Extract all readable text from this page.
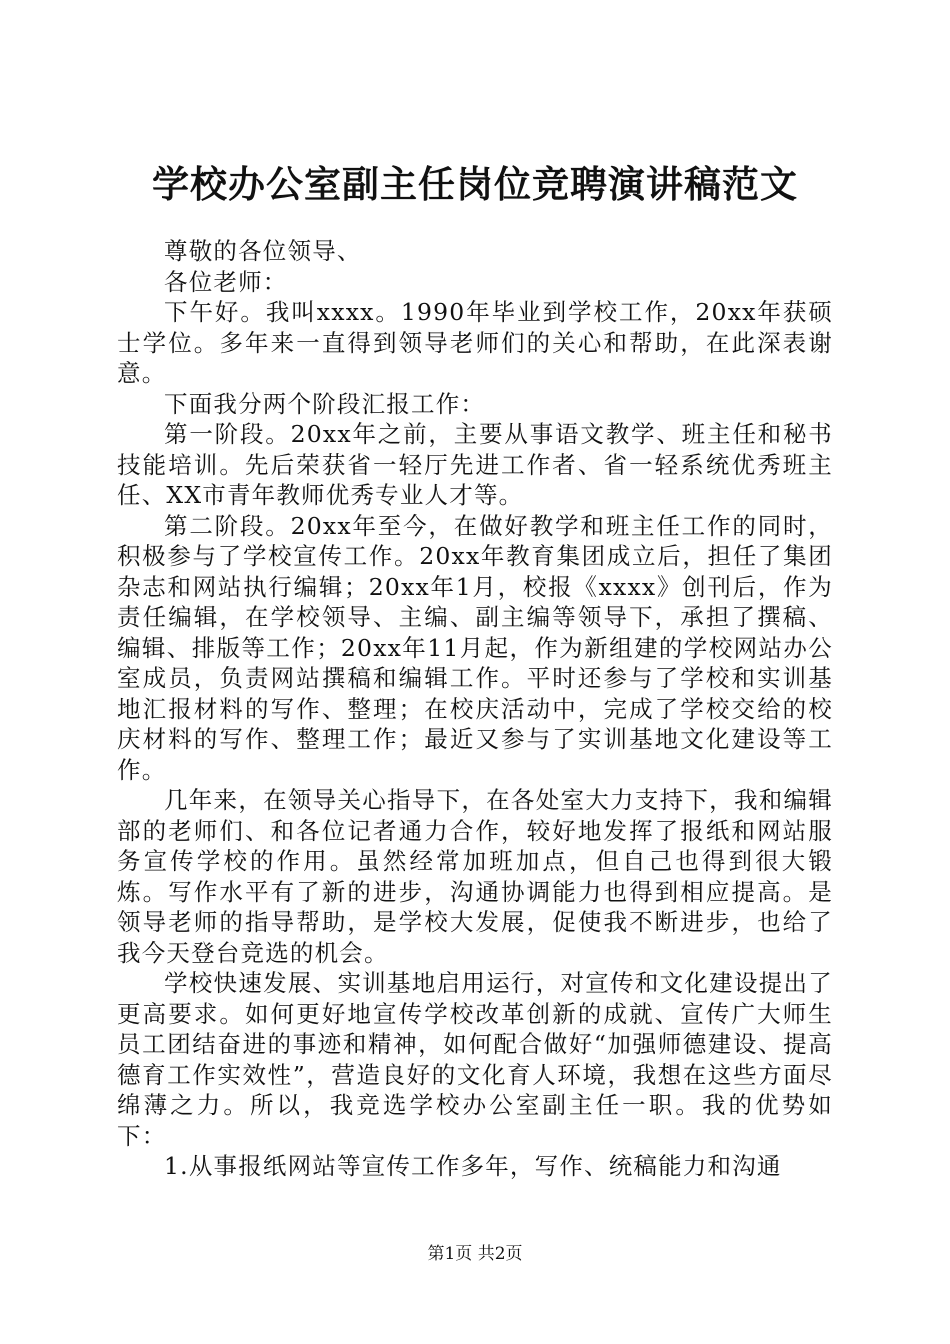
学校办公室副主任岗位竞聘演讲稿范文

尊敬的各位领导、

各位老师：

下午好。我叫xxxx。1990年毕业到学校工作，20xx年获硕士学位。多年来一直得到领导老师们的关心和帮助，在此深表谢意。

下面我分两个阶段汇报工作：

第一阶段。20xx年之前，主要从事语文教学、班主任和秘书技能培训。先后荣获省一轻厅先进工作者、省一轻系统优秀班主任、XX市青年教师优秀专业人才等。

第二阶段。20xx年至今，在做好教学和班主任工作的同时，积极参与了学校宣传工作。20xx年教育集团成立后，担任了集团杂志和网站执行编辑；20xx年1月，校报《xxxx》创刊后，作为责任编辑，在学校领导、主编、副主编等领导下，承担了撰稿、编辑、排版等工作；20xx年11月起，作为新组建的学校网站办公室成员，负责网站撰稿和编辑工作。平时还参与了学校和实训基地汇报材料的写作、整理；在校庆活动中，完成了学校交给的校庆材料的写作、整理工作；最近又参与了实训基地文化建设等工作。

几年来，在领导关心指导下，在各处室大力支持下，我和编辑部的老师们、和各位记者通力合作，较好地发挥了报纸和网站服务宣传学校的作用。虽然经常加班加点，但自己也得到很大锻炼。写作水平有了新的进步，沟通协调能力也得到相应提高。是领导老师的指导帮助，是学校大发展，促使我不断进步，也给了我今天登台竞选的机会。

学校快速发展、实训基地启用运行，对宣传和文化建设提出了更高要求。如何更好地宣传学校改革创新的成就、宣传广大师生员工团结奋进的事迹和精神，如何配合做好“加强师德建设、提高德育工作实效性”，营造良好的文化育人环境，我想在这些方面尽绵薄之力。所以，我竞选学校办公室副主任一职。我的优势如下：

1.从事报纸网站等宣传工作多年，写作、统稿能力和沟通

第1页 共2页
